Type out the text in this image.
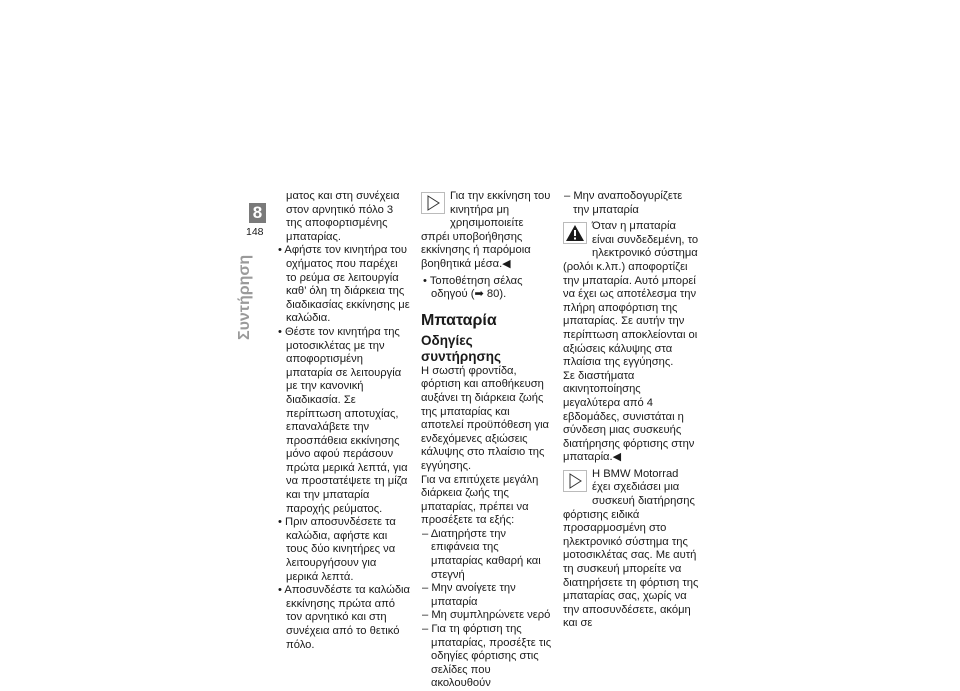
8
148
Συντήρηση

ματος και στη συνέχεια στον αρνητικό πόλο 3 της αποφορτισμένης μπαταρίας.

• Αφήστε τον κινητήρα του οχήματος που παρέχει το ρεύμα σε λειτουργία καθ’ όλη τη διάρκεια της διαδικασίας εκκίνησης με καλώδια.

• Θέστε τον κινητήρα της μοτοσικλέτας με την αποφορτισμένη μπαταρία σε λειτουργία με την κανονική διαδικασία. Σε περίπτωση αποτυχίας, επαναλάβετε την προσπάθεια εκκίνησης μόνο αφού περάσουν πρώτα μερικά λεπτά, για να προστατέψετε τη μίζα και την μπαταρία παροχής ρεύματος.

• Πριν αποσυνδέσετε τα καλώδια, αφήστε και τους δύο κινητήρες να λειτουργήσουν για μερικά λεπτά.

• Αποσυνδέστε τα καλώδια εκκίνησης πρώτα από τον αρνητικό και στη συνέχεια από το θετικό πόλο.

Για την εκκίνηση του κινητήρα μη χρησιμοποιείτε σπρέι υποβοήθησης εκκίνησης ή παρόμοια βοηθητικά μέσα.◀

• Τοποθέτηση σέλας οδηγού (➡ 80).

Μπαταρία

Οδηγίες συντήρησης

Η σωστή φροντίδα, φόρτιση και αποθήκευση αυξάνει τη διάρκεια ζωής της μπαταρίας και αποτελεί προϋπόθεση για ενδεχόμενες αξιώσεις κάλυψης στο πλαίσιο της εγγύησης.

Για να επιτύχετε μεγάλη διάρκεια ζωής της μπαταρίας, πρέπει να προσέξετε τα εξής:

– Διατηρήστε την επιφάνεια της μπαταρίας καθαρή και στεγνή

– Μην ανοίγετε την μπαταρία

– Μη συμπληρώνετε νερό

– Για τη φόρτιση της μπαταρίας, προσέξτε τις οδηγίες φόρτισης στις σελίδες που ακολουθούν

– Μην αναποδογυρίζετε την μπαταρία

Όταν η μπαταρία είναι συνδεδεμένη, το ηλεκτρονικό σύστημα (ρολόι κ.λπ.) αποφορτίζει την μπαταρία. Αυτό μπορεί να έχει ως αποτέλεσμα την πλήρη αποφόρτιση της μπαταρίας. Σε αυτήν την περίπτωση αποκλείονται οι αξιώσεις κάλυψης στα πλαίσια της εγγύησης.

Σε διαστήματα ακινητοποίησης μεγαλύτερα από 4 εβδομάδες, συνιστάται η σύνδεση μιας συσκευής διατήρησης φόρτισης στην μπαταρία.◀

Η BMW Motorrad έχει σχεδιάσει μια συσκευή διατήρησης φόρτισης ειδικά προσαρμοσμένη στο ηλεκτρονικό σύστημα της μοτοσικλέτας σας. Με αυτή τη συσκευή μπορείτε να διατηρήσετε τη φόρτιση της μπαταρίας σας, χωρίς να την αποσυνδέσετε, ακόμη και σε
